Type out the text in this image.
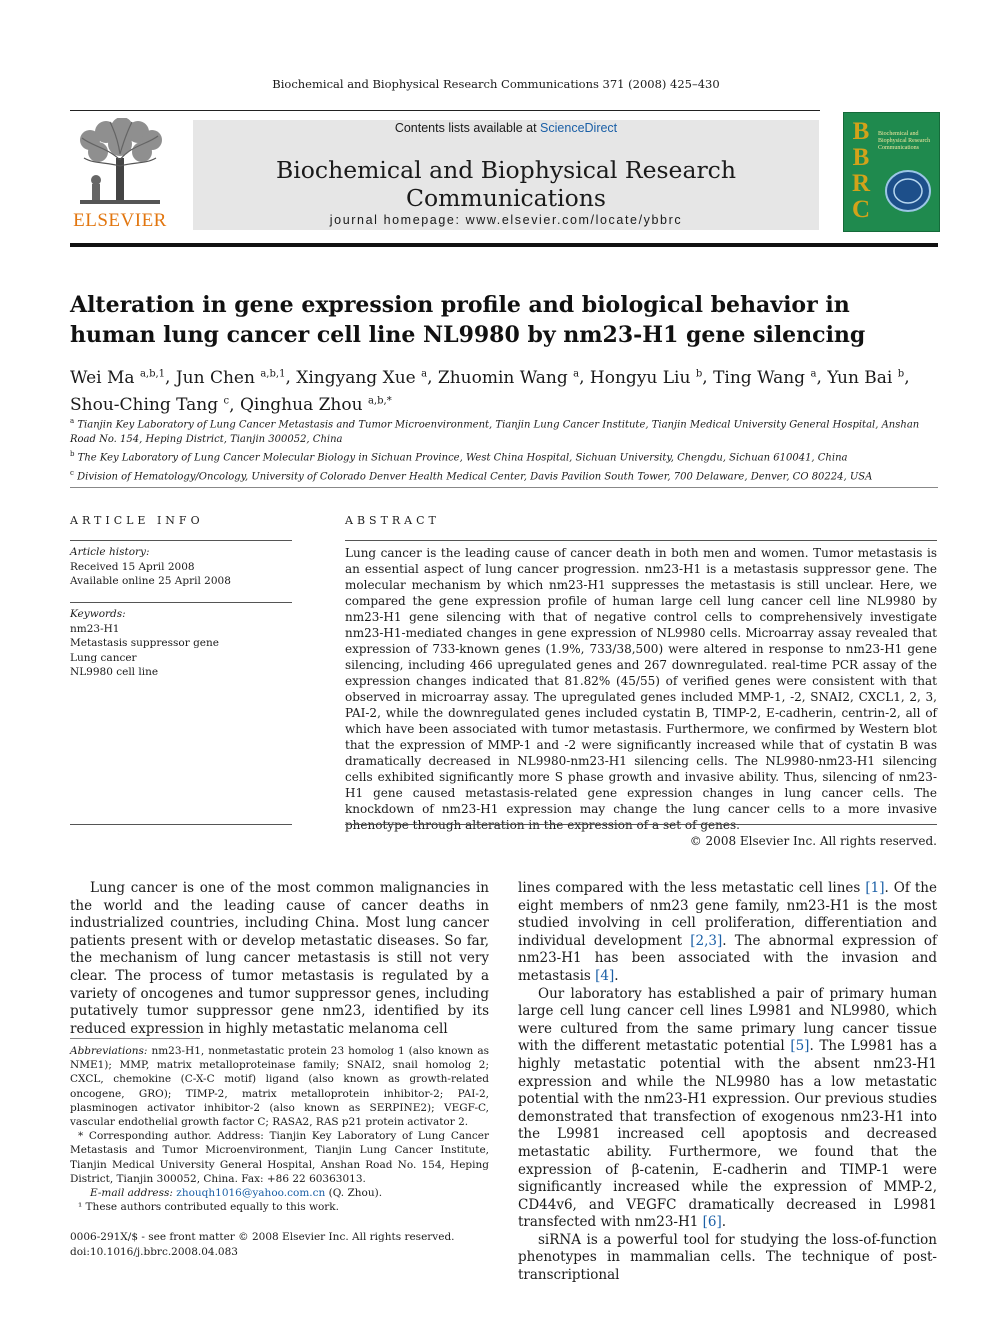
Biochemical and Biophysical Research Communications 371 (2008) 425–430
ELSEVIER
Contents lists available at ScienceDirect
Biochemical and Biophysical Research Communications
journal homepage: www.elsevier.com/locate/ybbrc
B
B
R
C
Biochemical and Biophysical Research Communications
Alteration in gene expression profile and biological behavior in human lung cancer cell line NL9980 by nm23-H1 gene silencing
Wei Ma $^{a,b,1}$, Jun Chen $^{a,b,1}$, Xingyang Xue $^a$, Zhuomin Wang $^a$, Hongyu Liu $^b$, Ting Wang $^a$, Yun Bai $^b$,
Shou-Ching Tang $^c$, Qinghua Zhou $^{a,b,*}$
$^a$ Tianjin Key Laboratory of Lung Cancer Metastasis and Tumor Microenvironment, Tianjin Lung Cancer Institute, Tianjin Medical University General Hospital, Anshan Road No. 154, Heping District, Tianjin 300052, China
$^b$ The Key Laboratory of Lung Cancer Molecular Biology in Sichuan Province, West China Hospital, Sichuan University, Chengdu, Sichuan 610041, China
$^c$ Division of Hematology/Oncology, University of Colorado Denver Health Medical Center, Davis Pavilion South Tower, 700 Delaware, Denver, CO 80224, USA
ARTICLE INFO
Article history:
Received 15 April 2008
Available online 25 April 2008
Keywords:
nm23-H1
Metastasis suppressor gene
Lung cancer
NL9980 cell line
ABSTRACT
Lung cancer is the leading cause of cancer death in both men and women. Tumor metastasis is an essential aspect of lung cancer progression. nm23-H1 is a metastasis suppressor gene. The molecular mechanism by which nm23-H1 suppresses the metastasis is still unclear. Here, we compared the gene expression profile of human large cell lung cancer cell line NL9980 by nm23-H1 gene silencing with that of negative control cells to comprehensively investigate nm23-H1-mediated changes in gene expression of NL9980 cells. Microarray assay revealed that expression of 733-known genes (1.9%, 733/38,500) were altered in response to nm23-H1 gene silencing, including 466 upregulated genes and 267 downregulated. real-time PCR assay of the expression changes indicated that 81.82% (45/55) of verified genes were consistent with that observed in microarray assay. The upregulated genes included MMP-1, -2, SNAI2, CXCL1, 2, 3, PAI-2, while the downregulated genes included cystatin B, TIMP-2, E-cadherin, centrin-2, all of which have been associated with tumor metastasis. Furthermore, we confirmed by Western blot that the expression of MMP-1 and -2 were significantly increased while that of cystatin B was dramatically decreased in NL9980-nm23-H1 silencing cells. The NL9980-nm23-H1 silencing cells exhibited significantly more S phase growth and invasive ability. Thus, silencing of nm23-H1 gene caused metastasis-related gene expression changes in lung cancer cells. The knockdown of nm23-H1 expression may change the lung cancer cells to a more invasive phenotype through alteration in the expression of a set of genes.
© 2008 Elsevier Inc. All rights reserved.

Lung cancer is one of the most common malignancies in the world and the leading cause of cancer deaths in industrialized countries, including China. Most lung cancer patients present with or develop metastatic diseases. So far, the mechanism of lung cancer metastasis is still not very clear. The process of tumor metastasis is regulated by a variety of oncogenes and tumor suppressor genes, including putatively tumor suppressor gene nm23, identified by its reduced expression in highly metastatic melanoma cell

Abbreviations: nm23-H1, nonmetastatic protein 23 homolog 1 (also known as NME1); MMP, matrix metalloproteinase family; SNAI2, snail homolog 2; CXCL, chemokine (C-X-C motif) ligand (also known as growth-related oncogene, GRO); TIMP-2, matrix metalloprotein inhibitor-2; PAI-2, plasminogen activator inhibitor-2 (also known as SERPINE2); VEGF-C, vascular endothelial growth factor C; RASA2, RAS p21 protein activator 2.

* Corresponding author. Address: Tianjin Key Laboratory of Lung Cancer Metastasis and Tumor Microenvironment, Tianjin Lung Cancer Institute, Tianjin Medical University General Hospital, Anshan Road No. 154, Heping District, Tianjin 300052, China. Fax: +86 22 60363013.

E-mail address: zhouqh1016@yahoo.com.cn (Q. Zhou).

¹ These authors contributed equally to this work.

0006-291X/$ - see front matter © 2008 Elsevier Inc. All rights reserved.
doi:10.1016/j.bbrc.2008.04.083

lines compared with the less metastatic cell lines [1]. Of the eight members of nm23 gene family, nm23-H1 is the most studied involving in cell proliferation, differentiation and individual development [2,3]. The abnormal expression of nm23-H1 has been associated with the invasion and metastasis [4].

Our laboratory has established a pair of primary human large cell lung cancer cell lines L9981 and NL9980, which were cultured from the same primary lung cancer tissue with the different metastatic potential [5]. The L9981 has a highly metastatic potential with the absent nm23-H1 expression and while the NL9980 has a low metastatic potential with the nm23-H1 expression. Our previous studies demonstrated that transfection of exogenous nm23-H1 into the L9981 increased cell apoptosis and decreased metastatic ability. Furthermore, we found that the expression of β-catenin, E-cadherin and TIMP-1 were significantly increased while the expression of MMP-2, CD44v6, and VEGFC dramatically decreased in L9981 transfected with nm23-H1 [6].

siRNA is a powerful tool for studying the loss-of-function phenotypes in mammalian cells. The technique of post-transcriptional
